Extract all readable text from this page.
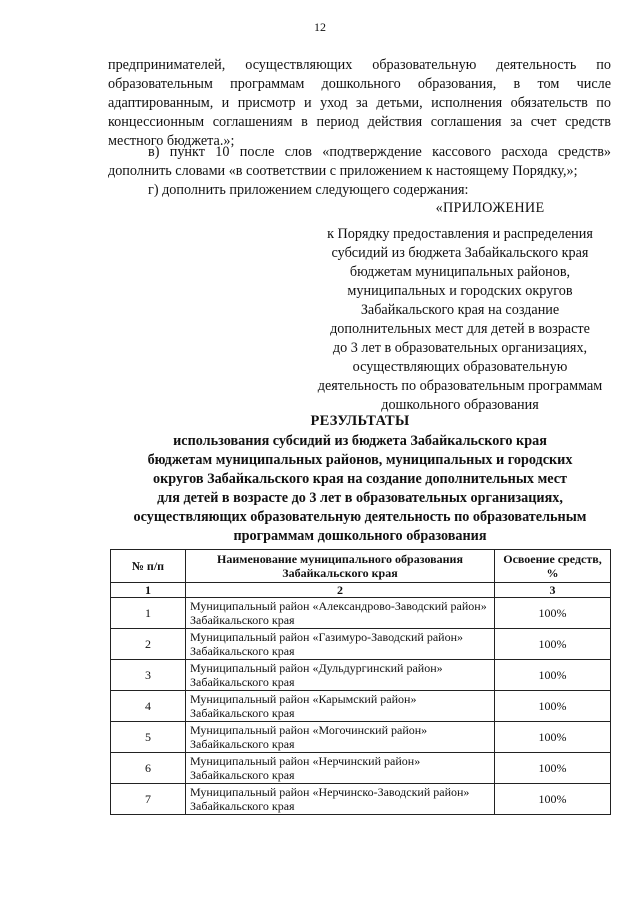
12
предпринимателей, осуществляющих образовательную деятельность по
образовательным программам дошкольного образования, в том числе
адаптированным, и присмотр и уход за детьми, исполнения обязательств по
концессионным соглашениям в период действия соглашения за счет средств
местного бюджета.»;
в) пункт 10 после слов «подтверждение кассового расхода средств»
дополнить словами «в соответствии с приложением к настоящему Порядку,»;
г) дополнить приложением следующего содержания:
«ПРИЛОЖЕНИЕ
к Порядку предоставления и распределения
субсидий из бюджета Забайкальского края
бюджетам муниципальных районов,
муниципальных и городских округов
Забайкальского края на создание
дополнительных мест для детей в возрасте
до 3 лет в образовательных организациях,
осуществляющих образовательную
деятельность по образовательным программам
дошкольного образования
РЕЗУЛЬТАТЫ
использования субсидий из бюджета Забайкальского края
бюджетам муниципальных районов, муниципальных и городских
округов Забайкальского края на создание дополнительных мест
для детей в возрасте до 3 лет в образовательных организациях,
осуществляющих образовательную деятельность по образовательным
программам дошкольного образования
№ п/п	Наименование муниципального образования Забайкальского края	Освоение средств, %
1	2	3
1	Муниципальный район «Александрово-Заводский район» Забайкальского края	100%
2	Муниципальный район «Газимуро-Заводский район» Забайкальского края	100%
3	Муниципальный район «Дульдургинский район» Забайкальского края	100%
4	Муниципальный район «Карымский район» Забайкальского края	100%
5	Муниципальный район «Могочинский район» Забайкальского края	100%
6	Муниципальный район «Нерчинский район» Забайкальского края	100%
7	Муниципальный район «Нерчинско-Заводский район» Забайкальского края	100%
